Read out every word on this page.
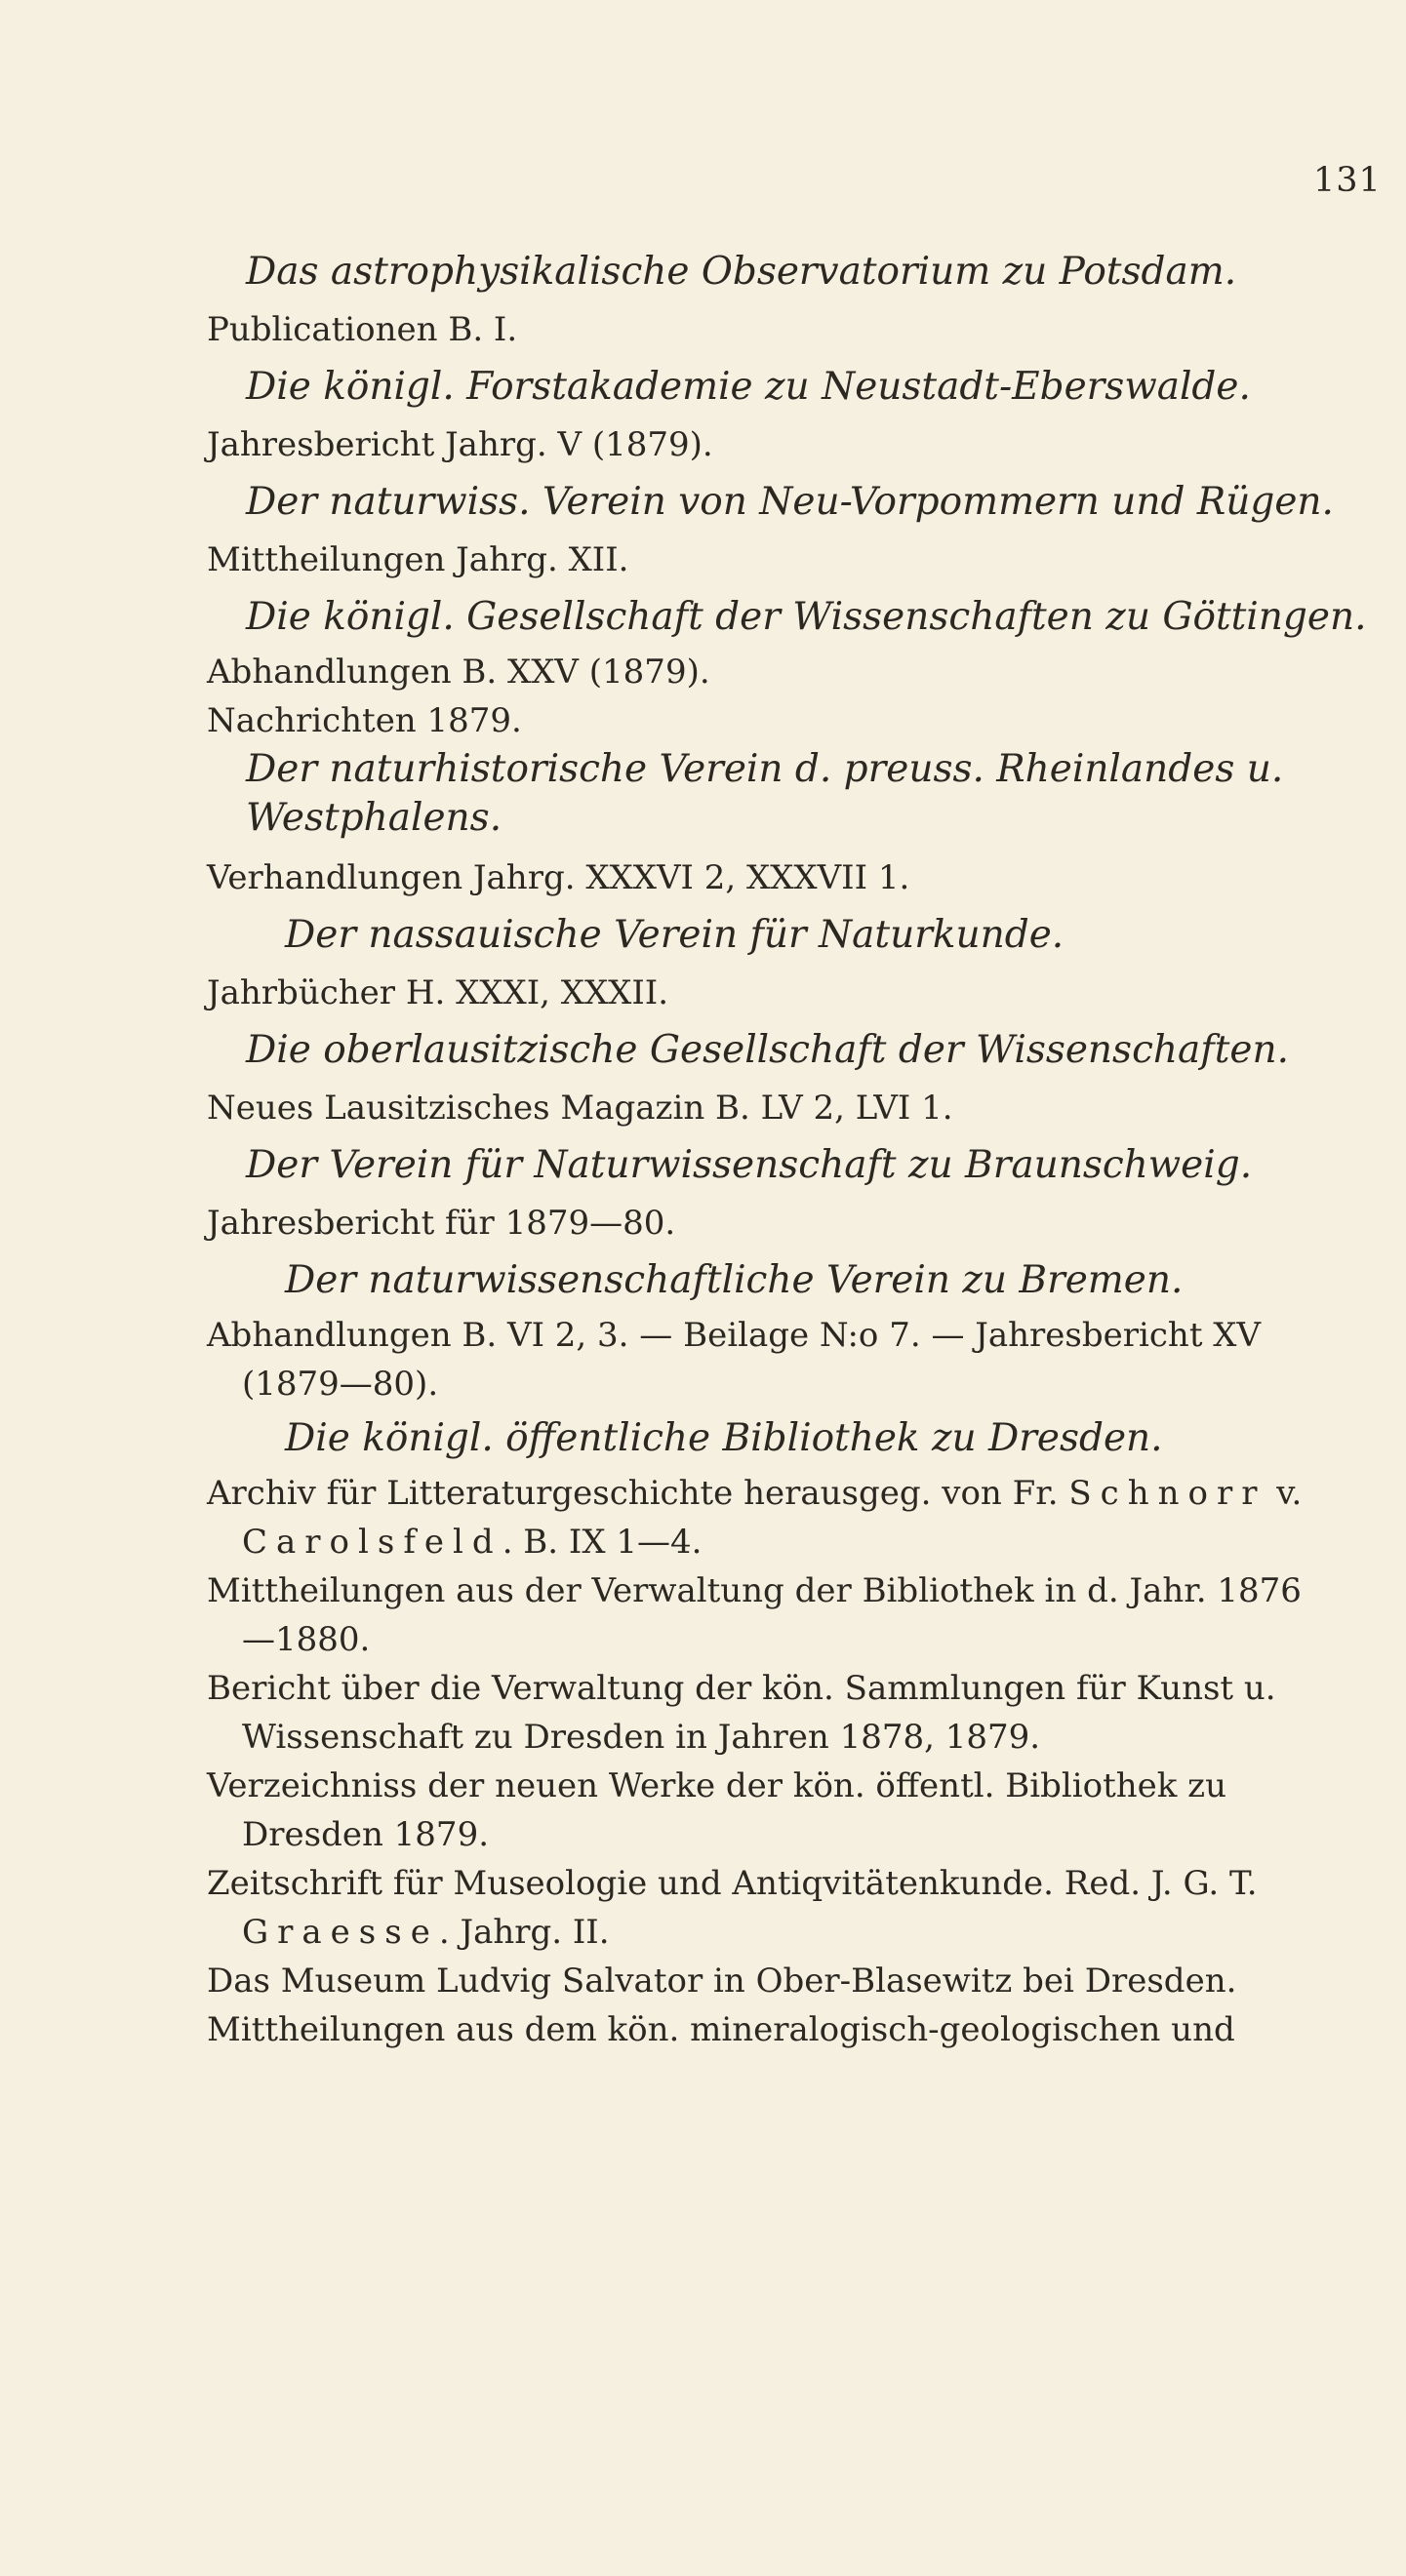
131
Das astrophysikalische Observatorium zu Potsdam.
Publicationen B. I.
Die königl. Forstakademie zu Neustadt-Eberswalde.
Jahresbericht Jahrg. V (1879).
Der naturwiss. Verein von Neu-Vorpommern und Rügen.
Mittheilungen Jahrg. XII.
Die königl. Gesellschaft der Wissenschaften zu Göttingen.
Abhandlungen B. XXV (1879).
Nachrichten 1879.
Der naturhistorische Verein d. preuss. Rheinlandes u. Westphalens.
Verhandlungen Jahrg. XXXVI 2, XXXVII 1.
Der nassauische Verein für Naturkunde.
Jahrbücher H. XXXI, XXXII.
Die oberlausitzische Gesellschaft der Wissenschaften.
Neues Lausitzisches Magazin B. LV 2, LVI 1.
Der Verein für Naturwissenschaft zu Braunschweig.
Jahresbericht für 1879—80.
Der naturwissenschaftliche Verein zu Bremen.
Abhandlungen B. VI 2, 3. — Beilage N:o 7. — Jahresbericht XV (1879—80).
Die königl. öffentliche Bibliothek zu Dresden.
Archiv für Litteraturgeschichte herausgeg. von Fr. Schnorr v. Carolsfeld. B. IX 1—4.
Mittheilungen aus der Verwaltung der Bibliothek in d. Jahr. 1876—1880.
Bericht über die Verwaltung der kön. Sammlungen für Kunst u. Wissenschaft zu Dresden in Jahren 1878, 1879.
Verzeichniss der neuen Werke der kön. öffentl. Bibliothek zu Dresden 1879.
Zeitschrift für Museologie und Antiqvitätenkunde. Red. J. G. T. Graesse. Jahrg. II.
Das Museum Ludvig Salvator in Ober-Blasewitz bei Dresden.
Mittheilungen aus dem kön. mineralogisch-geologischen und
